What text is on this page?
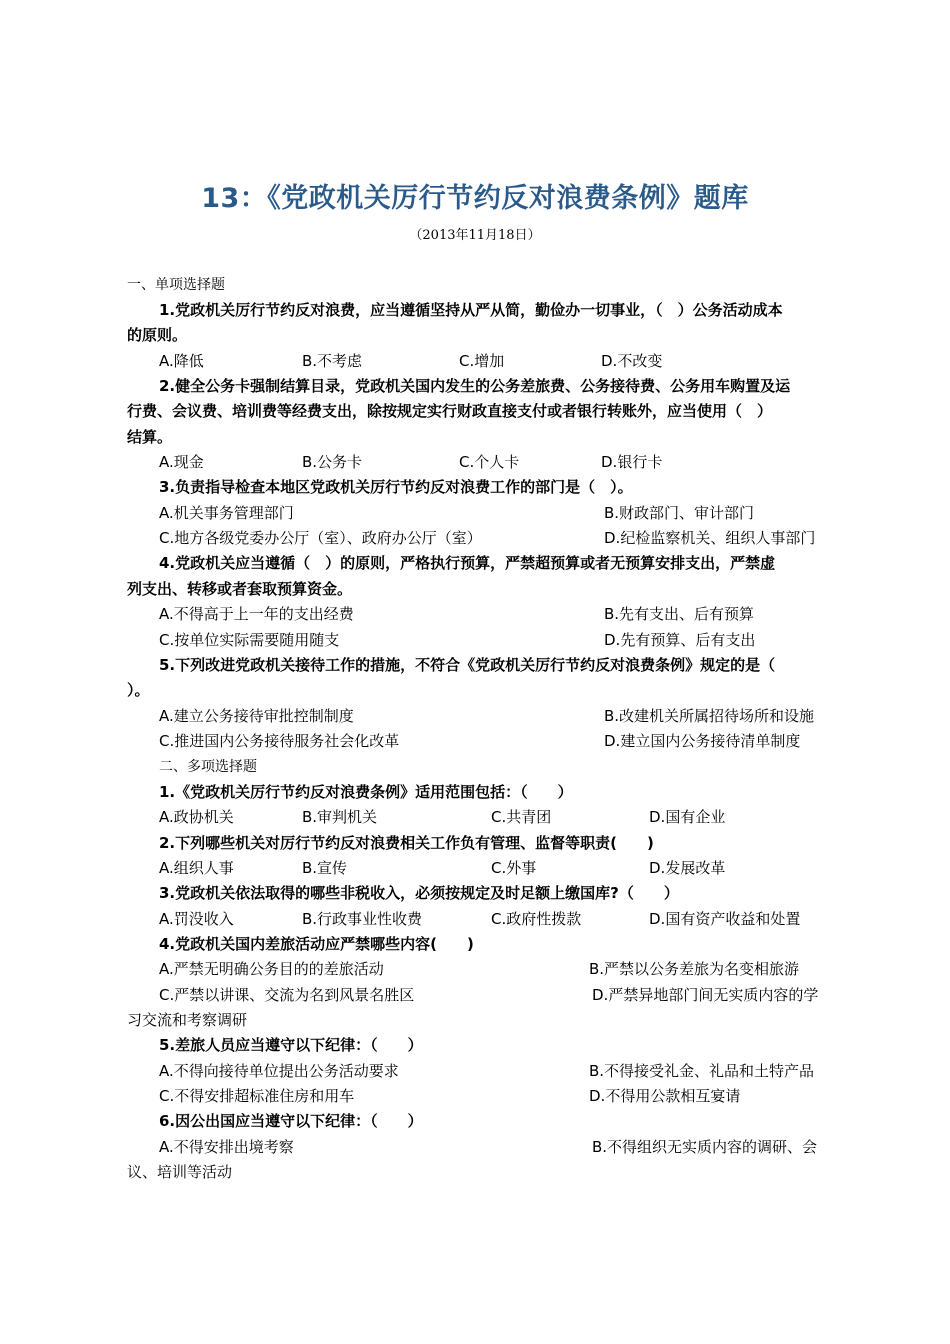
13：《党政机关厉行节约反对浪费条例》题库
（2013年11月18日）
一、单项选择题
1.党政机关厉行节约反对浪费，应当遵循坚持从严从简，勤俭办一切事业，（　）公务活动成本
的原则。
A.降低	B.不考虑	C.增加	D.不改变
2.健全公务卡强制结算目录，党政机关国内发生的公务差旅费、公务接待费、公务用车购置及运
行费、会议费、培训费等经费支出，除按规定实行财政直接支付或者银行转账外，应当使用（　）
结算。
A.现金	B.公务卡	C.个人卡	D.银行卡
3.负责指导检查本地区党政机关厉行节约反对浪费工作的部门是（　）。
A.机关事务管理部门	B.财政部门、审计部门
C.地方各级党委办公厅（室）、政府办公厅（室）	D.纪检监察机关、组织人事部门
4.党政机关应当遵循（　）的原则，严格执行预算，严禁超预算或者无预算安排支出，严禁虚
列支出、转移或者套取预算资金。
A.不得高于上一年的支出经费	B.先有支出、后有预算
C.按单位实际需要随用随支	D.先有预算、后有支出
5.下列改进党政机关接待工作的措施，不符合《党政机关厉行节约反对浪费条例》规定的是（
）。
A.建立公务接待审批控制制度	B.改建机关所属招待场所和设施
C.推进国内公务接待服务社会化改革	D.建立国内公务接待清单制度
二、多项选择题
1.《党政机关厉行节约反对浪费条例》适用范围包括：（　　）
A.政协机关	B.审判机关	C.共青团	D.国有企业
2.下列哪些机关对厉行节约反对浪费相关工作负有管理、监督等职责(　　)
A.组织人事	B.宣传	C.外事	D.发展改革
3.党政机关依法取得的哪些非税收入，必须按规定及时足额上缴国库?（　　）
A.罚没收入	B.行政事业性收费	C.政府性拨款	D.国有资产收益和处置
4.党政机关国内差旅活动应严禁哪些内容(　　)
A.严禁无明确公务目的的差旅活动	B.严禁以公务差旅为名变相旅游
C.严禁以讲课、交流为名到风景名胜区	D.严禁异地部门间无实质内容的学
习交流和考察调研
5.差旅人员应当遵守以下纪律：（　　）
A.不得向接待单位提出公务活动要求	B.不得接受礼金、礼品和土特产品
C.不得安排超标准住房和用车	D.不得用公款相互宴请
6.因公出国应当遵守以下纪律：（　　）
A.不得安排出境考察	B.不得组织无实质内容的调研、会
议、培训等活动
